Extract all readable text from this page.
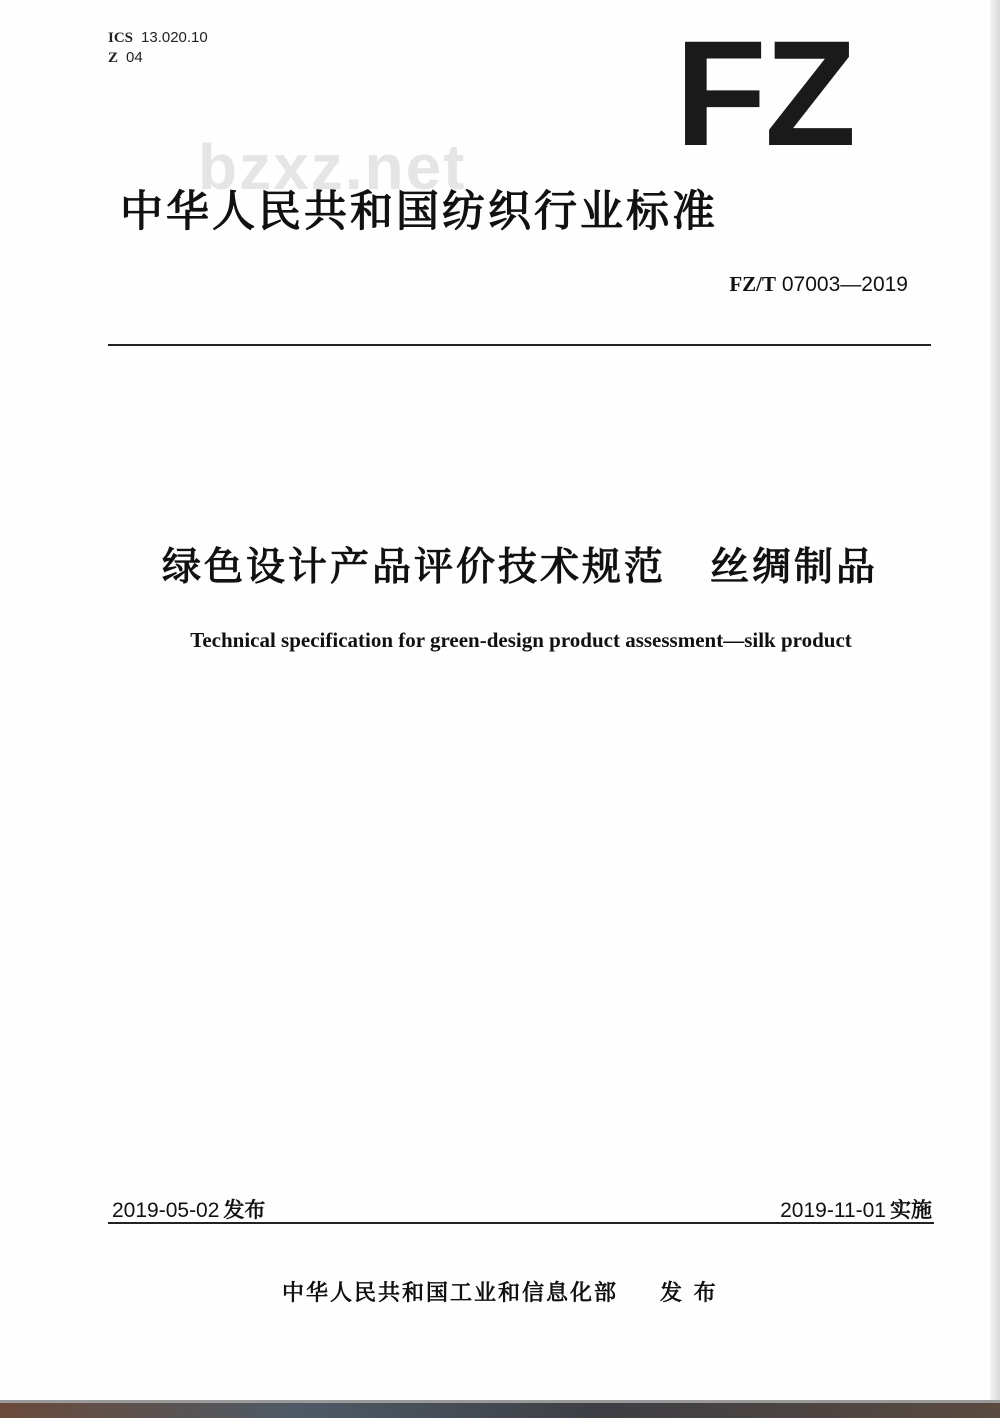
ICS 13.020.10
Z 04	FZ
bzxz.net
中华人民共和国纺织行业标准
FZ/T 07003—2019
绿色设计产品评价技术规范 丝绸制品
Technical specification for green-design product assessment—silk product
2019-05-02 发布	2019-11-01 实施
中华人民共和国工业和信息化部 发 布
